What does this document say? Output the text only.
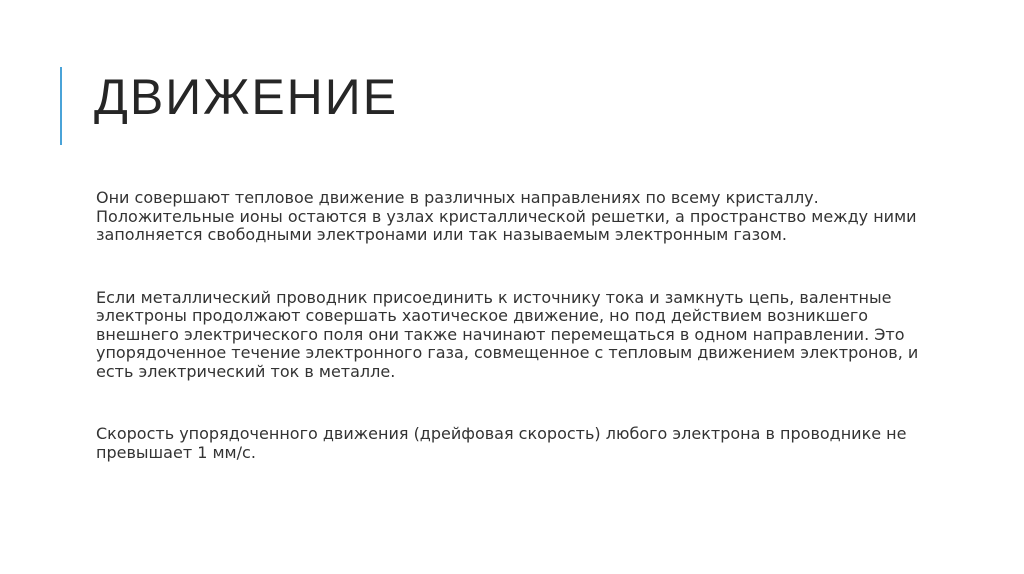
ДВИЖЕНИЕ

Они совершают тепловое движение в различных направлениях по всему кристаллу. Положительные ионы остаются в узлах кристаллической решетки, а пространство между ними заполняется свободными электронами или так называемым электронным газом.

Если металлический проводник присоединить к источнику тока и замкнуть цепь, валентные электроны продолжают совершать хаотическое движение, но под действием возникшего внешнего электрического поля они также начинают перемещаться в одном направлении. Это упорядоченное течение электронного газа, совмещенное с тепловым движением электронов, и есть электрический ток в металле.

Скорость упорядоченного движения (дрейфовая скорость) любого электрона в проводнике не превышает 1 мм/с.
